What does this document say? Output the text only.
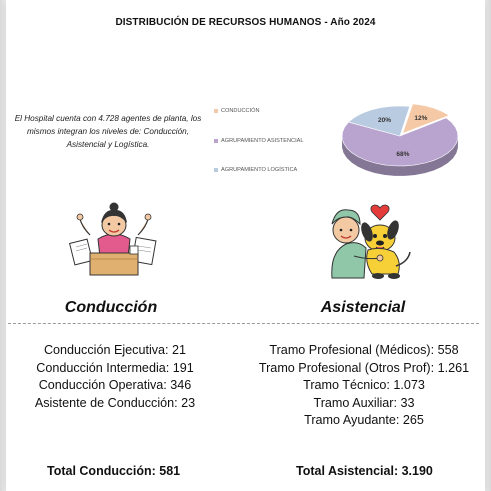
DISTRIBUCIÓN DE RECURSOS HUMANOS - Año 2024
El Hospital cuenta con 4.728 agentes de planta, los mismos integran los niveles de: Conducción, Asistencial y Logística.
CONDUCCIÓN
AGRUPAMIENTO ASISTENCIAL
AGRUPAMIENTO LOGÍSTICA
12%
68%
20%
Conducción	Asistencial
Conducción Ejecutiva: 21
Conducción Intermedia: 191
Conducción Operativa: 346
Asistente de Conducción: 23
Tramo Profesional (Médicos): 558
Tramo Profesional (Otros Prof): 1.261
Tramo Técnico: 1.073
Tramo Auxiliar: 33
Tramo Ayudante: 265
Total Conducción: 581	Total Asistencial: 3.190
